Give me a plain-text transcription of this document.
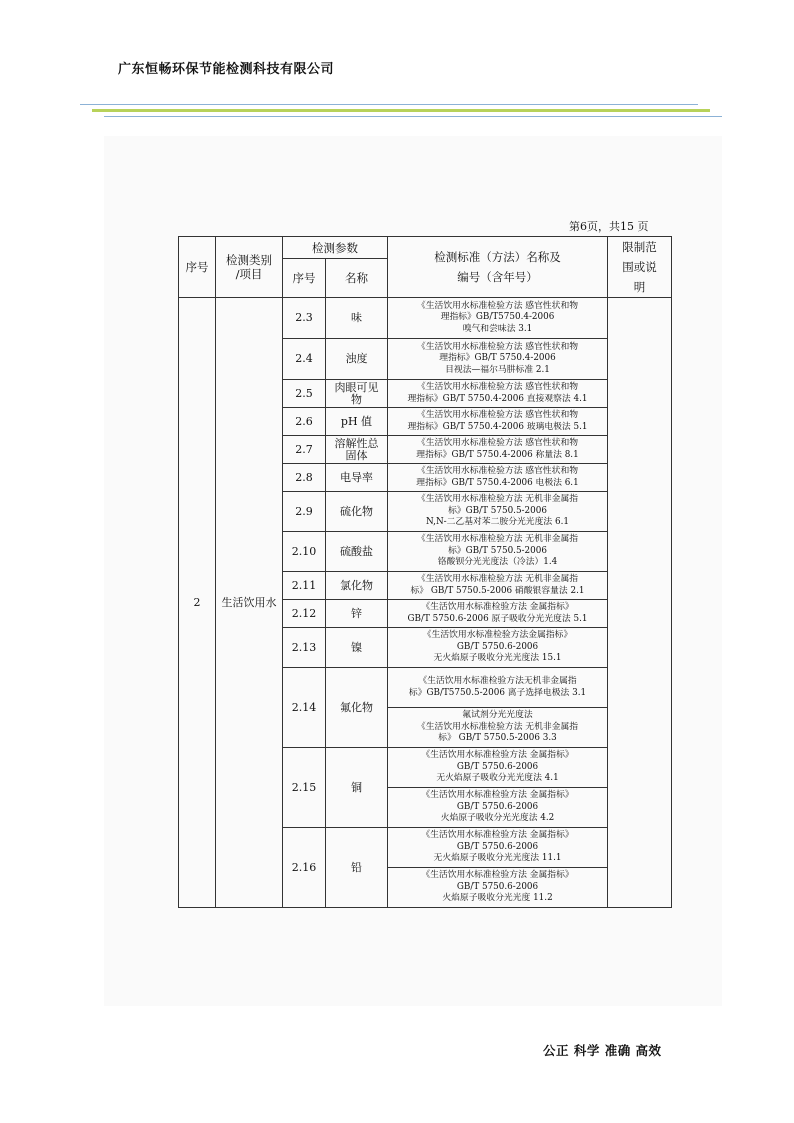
广东恒畅环保节能检测科技有限公司
第6页，共15 页
序号	检测类别
/项目	检测参数		检测标准（方法）名称及
编号（含年号）	限制范
围或说
明
		序号	名称		
2	生活饮用水	2.3	味	《生活饮用水标准检验方法 感官性状和物
理指标》GB/T5750.4-2006
嗅气和尝味法 3.1	
		2.4	浊度	《生活饮用水标准检验方法 感官性状和物
理指标》GB/T 5750.4-2006
目视法—福尔马肼标准 2.1	
		2.5	肉眼可见
物	《生活饮用水标准检验方法 感官性状和物
理指标》GB/T 5750.4-2006 直接观察法 4.1	
		2.6	pH 值	《生活饮用水标准检验方法 感官性状和物
理指标》GB/T 5750.4-2006 玻璃电极法 5.1	
		2.7	溶解性总
固体	《生活饮用水标准检验方法 感官性状和物
理指标》GB/T 5750.4-2006 称量法 8.1	
		2.8	电导率	《生活饮用水标准检验方法 感官性状和物
理指标》GB/T 5750.4-2006 电极法 6.1	
		2.9	硫化物	《生活饮用水标准检验方法 无机非金属指
标》GB/T 5750.5-2006
N,N-二乙基对苯二胺分光光度法 6.1	
		2.10	硫酸盐	《生活饮用水标准检验方法 无机非金属指
标》GB/T 5750.5-2006
铬酸钡分光光度法（冷法）1.4	
		2.11	氯化物	《生活饮用水标准检验方法 无机非金属指
标》 GB/T 5750.5-2006 硝酸银容量法 2.1	
		2.12	锌	《生活饮用水标准检验方法 金属指标》
GB/T 5750.6-2006 原子吸收分光光度法 5.1	
		2.13	镍	《生活饮用水标准检验方法金属指标》
GB/T 5750.6-2006
无火焰原子吸收分光光度法 15.1	
		2.14	氟化物	《生活饮用水标准检验方法无机非金属指
标》GB/T5750.5-2006 离子选择电极法 3.1	
				氟试剂分光光度法
《生活饮用水标准检验方法 无机非金属指
标》 GB/T 5750.5-2006 3.3	
		2.15	铜	《生活饮用水标准检验方法 金属指标》
GB/T 5750.6-2006
无火焰原子吸收分光光度法 4.1	
				《生活饮用水标准检验方法 金属指标》
GB/T 5750.6-2006
火焰原子吸收分光光度法 4.2	
		2.16	铅	《生活饮用水标准检验方法 金属指标》
GB/T 5750.6-2006
无火焰原子吸收分光光度法 11.1	
				《生活饮用水标准检验方法 金属指标》
GB/T 5750.6-2006
火焰原子吸收分光光度 11.2	
公正 科学 准确 高效
